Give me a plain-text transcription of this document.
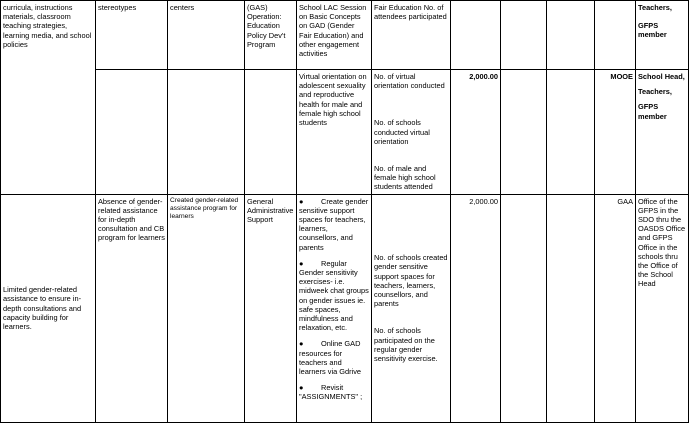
curricula, instructions materials, classroom teaching strategies, learning media, and school policies	stereotypes	centers	(GAS) Operation: Education Policy Dev't Program	School LAC Session on Basic Concepts on GAD (Gender Fair Education) and other engagement activities	Fair Education No. of attendees participated					Teachers,
GFPS member

				Virtual orientation on adolescent sexuality and reproductive health for male and female high school students	No. of virtual orientation conducted
No. of schools conducted virtual orientation
No. of male and female high school students attended	2,000.00			MOOE	School Head,
Teachers,
GFPS member

Limited gender-related assistance to ensure in-depth consultations and capacity building for learners.	Absence of gender-related assistance for in-depth consultation and CB program for learners	Created gender-related assistance program for learners	General Administrative Support	● Create gender sensitive support spaces for teachers, learners, counsellors, and parents
● Regular Gender sensitivity exercises- i.e. midweek chat groups on gender issues ie. safe spaces, mindfulness and relaxation, etc.
● Online GAD resources for teachers and learners via Gdrive
● Revisit "ASSIGNMENTS" ;	No. of schools created gender sensitive support spaces for teachers, learners, counsellors, and parents
No. of schools participated on the regular gender sensitivity exercise.	2,000.00			GAA	Office of the GFPS in the SDO thru the OASDS Office and GFPS Office in the schools thru the Office of the School Head
